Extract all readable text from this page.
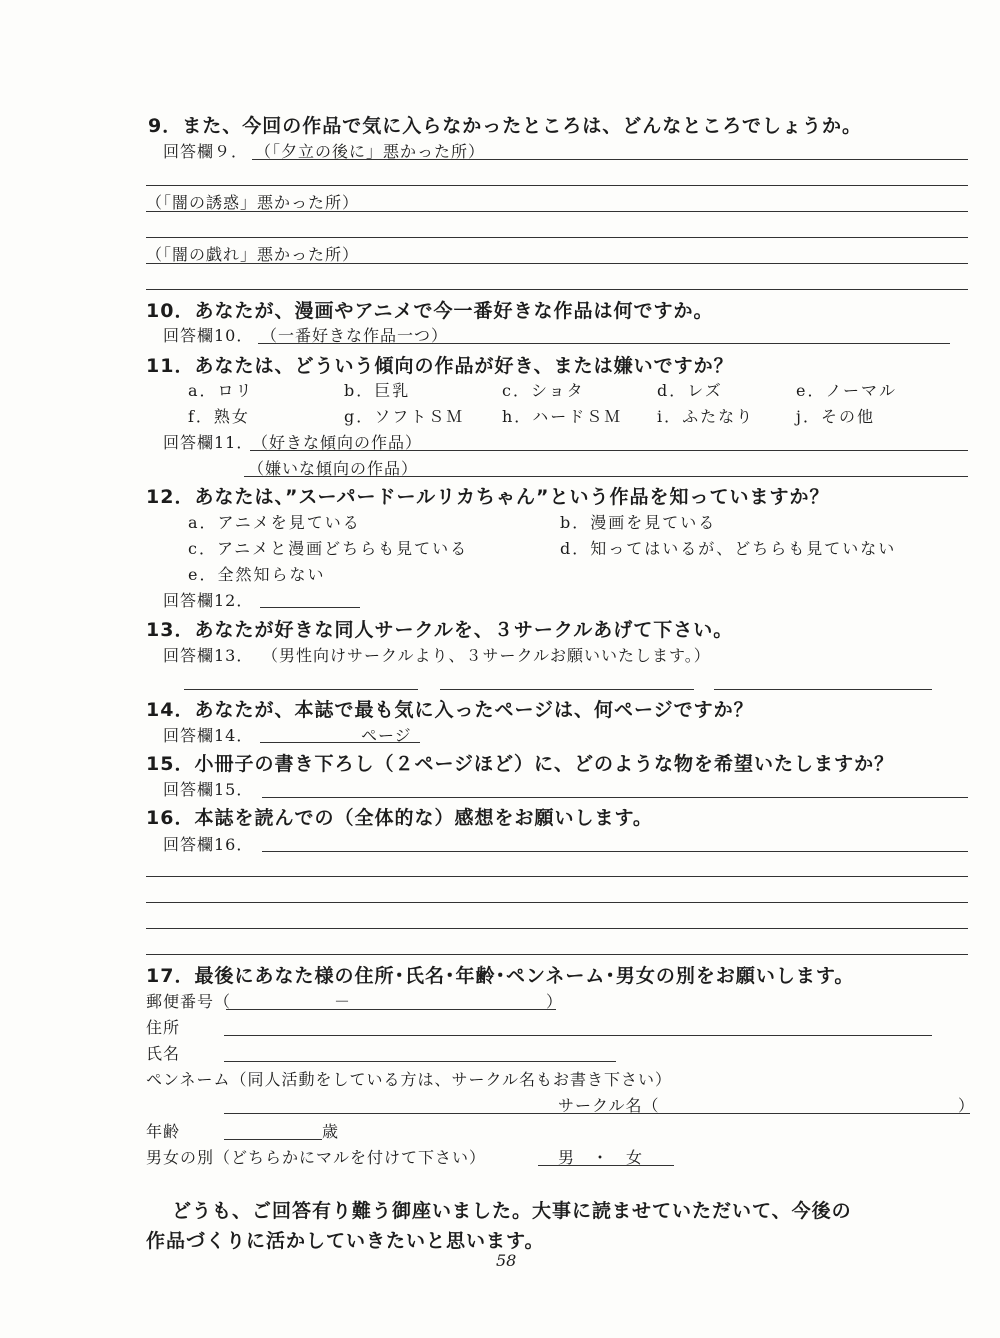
9．また、今回の作品で気に入らなかったところは、どんなところでしょうか。
回答欄９． （「夕立の後に」悪かった所）
（「闇の誘惑」悪かった所）
（「闇の戯れ」悪かった所）
10．あなたが、漫画やアニメで今一番好きな作品は何ですか。
回答欄10． （一番好きな作品一つ）
11．あなたは、どういう傾向の作品が好き、または嫌いですか？
a．ロリ	b．巨乳	c．ショタ	d．レズ	e．ノーマル
f．熟女	g．ソフトＳＭ h．ハードＳＭ i．ふたなり	j．その他
回答欄11．
（好きな傾向の作品）
（嫌いな傾向の作品）
12．あなたは、”スーパードールリカちゃん”という作品を知っていますか？
a．アニメを見ている	b．漫画を見ている
c．アニメと漫画どちらも見ている	d．知ってはいるが、どちらも見ていない
e．全然知らない
回答欄12．
13．あなたが好きな同人サークルを、３サークルあげて下さい。
回答欄13． （男性向けサークルより、３サークルお願いいたします。）
14．あなたが、本誌で最も気に入ったページは、何ページですか？
回答欄14．	ページ
15．小冊子の書き下ろし（２ページほど）に、どのような物を希望いたしますか？
回答欄15．
16．本誌を読んでの（全体的な）感想をお願いします。
回答欄16．
17．最後にあなた様の住所･氏名･年齢･ペンネーム･男女の別をお願いします。
郵便番号（	－	）
住所
氏名
ペンネーム（同人活動をしている方は、サークル名もお書き下さい）
サークル名（	）
年齢	歳
男女の別（どちらかにマルを付けて下さい）	男　・　女
どうも、ご回答有り難う御座いました。大事に読ませていただいて、今後の
作品づくりに活かしていきたいと思います。
58
